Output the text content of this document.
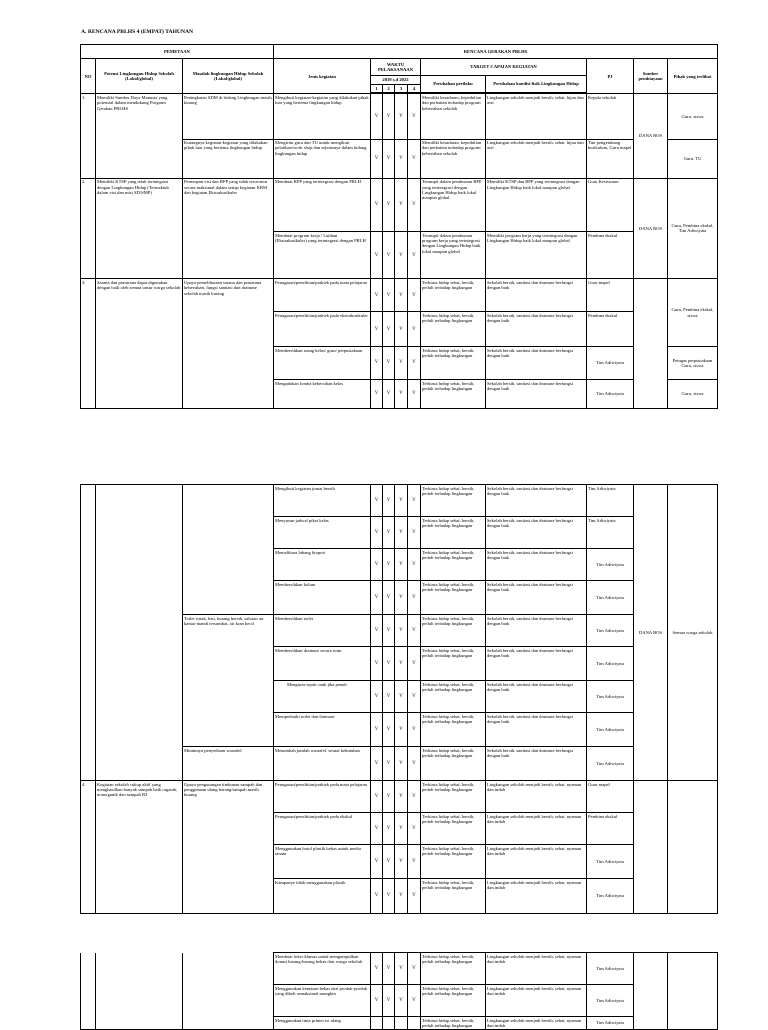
A. RENCANA PBLHS 4 (EMPAT) TAHUNAN
PEMETAAN			RENCANA GERAKAN PBLHS									
NO	Potensi Lingkungan Hidup Sekolah (Lokal/global)	Masalah lingkungan Hidup Sekolah (Lokal/global)	Jenis kegiatan	WAKTU PELAKSANAAN				TARGET CAPAIAN KEGIATAN		PJ	Sumber pembiayaan	Pihak yang terlibat
				2019 s.d 2022				Perubahan perilaku	Perubahan kondisi fisik Lingkungan Hidup			
				1	2	3	4					

1.	Memiliki Sumber Daya Manusia yang potensial dalam mendukung Program Gerakan PBLHS	Peningkatan SDM di bidang Lingkungan masih kurang	Mengikuti kegiatan-kegiatan yang dilakukan pihak luar yang bertema lingkungan hidup	V	V	V	V	Memiliki kesadaran, kepedulian dan perhatian terhadap program kebersihan sekolah	Lingkungan sekolah menjadi bersih, sehat, hijau dan asri	Kepala sekolah	DANA BOS	Guru, siswa
		Kurangnya kegiatan-kegiatan yang dilakukan pihak luar yang bertema lingkungan hidup	Mengirim guru dan TU untuk mengikuti pelatihan/work shop dan sejenisnya dalam bidang lingkungan hidup	V	V	V	V	Memiliki kesadaran, kepedulian dan perhatian terhadap program kebersihan sekolah	Lingkungan sekolah menjadi bersih, sehat, hijau dan asri	Tim pengembang kurikulum, Guru mapel		Guru, TU
2.	Memiliki KTSP yang telah terintegrasi dengan Lingkungan Hidup (Termaktub dalam visi dan misi SD/SMP)	Penerapan visi dan RPP yang tidak tercermin secara maksimal dalam setiap kegiatan KBM dan kegiatan Ekstrakurikuler	Membuat RPP yang terintegrasi dengan PRLH	V	V	V	V	Terampil dalam pembuatan RPP yang terintegrasi dengan Lingkungan Hidup baik lokal maupun global	Memiliki KTSP dan RPP yang terintegrasi dengan Lingkungan Hidup baik lokal maupun global	Guru Kesiswaan	DANA BOS	Guru, Pembina ekskul, Tim Adiwiyata
			Membuat program kerja / Latihan (Ekstrakurikuler) yang terintegrasi dengan PRLH	V	V	V	V	Terampil dalam pembuatan program kerja yang terintegrasi dengan Lingkungan Hidup baik lokal maupun global	Memiliki program kerja yang terintegrasi dengan Lingkungan Hidup baik lokal maupun global	Pembina ekskul		
3.	Sarana dan prasarana dapat digunakan dengan baik oleh semua unsur warga sekolah	Upaya pemeliharaan sarana dan prasarana kebersihan, fungsi sanitasi dan drainase sekolah masih kurang	Penugasan/penelitian/praktek pada mata pelajaran	V	V	V	V	Terbiasa hidup sehat, bersih, peduli terhadap lingkungan	Sekolah bersih, sanitasi dan drainase berfungsi dengan baik	Guru mapel		Guru, Pembina ekskul, siswa
			Penugasan/penelitian/praktek pada ekstrakurikuler	V	V	V	V	Terbiasa hidup sehat, bersih, peduli terhadap lingkungan	Sekolah bersih, sanitasi dan drainase berfungsi dengan baik	Pembina ekskul		
			Membersihkan ruang kelas/ guru/ perpustakaan	V	V	V	V	Terbiasa hidup sehat, bersih, peduli terhadap lingkungan	Sekolah bersih, sanitasi dan drainase berfungsi dengan baik	Tim Adiwiyata		Petugas perpustakaan Guru, siswa
			Mengadakan lomba kebersihan kelas	V	V	V	V	Terbiasa hidup sehat, bersih, peduli terhadap lingkungan	Sekolah bersih, sanitasi dan drainase berfungsi dengan baik	Tim Adiwiyata		Guru, siswa
			Mengikuti kegiatan jumat bersih	V	V	V	V	Terbiasa hidup sehat, bersih, peduli terhadap lingkungan	Sekolah bersih, sanitasi dan drainase berfungsi dengan baik	Tim Adiwiyata	DANA BOS	Semua warga sekolah
			Menyusun jadwal piket kelas	V	V	V	V	Terbiasa hidup sehat, bersih, peduli terhadap lingkungan	Sekolah bersih, sanitasi dan drainase berfungsi dengan baik	Tim Adiwiyata		
			Memelihara lubang biopori	V	V	V	V	Terbiasa hidup sehat, bersih, peduli terhadap lingkungan	Sekolah bersih, sanitasi dan drainase berfungsi dengan baik	Tim Adiwiyata		
			Membersihkan kolam	V	V	V	V	Terbiasa hidup sehat, bersih, peduli terhadap lingkungan	Sekolah bersih, sanitasi dan drainase berfungsi dengan baik	Tim Adiwiyata		
		Toilet rusak, bau, kurang bersih, saluran air kamar mandi tersumbat, air kran kecil	Membersihkan toilet	V	V	V	V	Terbiasa hidup sehat, bersih, peduli terhadap lingkungan	Sekolah bersih, sanitasi dan drainase berfungsi dengan baik	Tim Adiwiyata		
			Membersihkan drainase secara rutin	V	V	V	V	Terbiasa hidup sehat, bersih, peduli terhadap lingkungan	Sekolah bersih, sanitasi dan drainase berfungsi dengan baik	Tim Adiwiyata		

			Menguras septic tank jika penuh	V	V	V	V	Terbiasa hidup sehat, bersih, peduli terhadap lingkungan	Sekolah bersih, sanitasi dan drainase berfungsi dengan baik	Tim Adiwiyata		
			Memperbaiki toilet dan drainase	V	V	V	V	Terbiasa hidup sehat, bersih, peduli terhadap lingkungan	Sekolah bersih, sanitasi dan drainase berfungsi dengan baik	Tim Adiwiyata		
		Minimnya penyediaan wastafel	Menambah jumlah wastafel, sesuai kebutuhan	V	V	V	V	Terbiasa hidup sehat, bersih, peduli terhadap lingkungan	Sekolah bersih, sanitasi dan drainase berfungsi dengan baik	Tim Adiwiyata		
4.	Kegiatan sekolah cukup aktif yang menghasilkan banyak sampah baik organik, nonorganik dan sampah B3	Upaya pengurangan timbunan sampah dan penggunaan ulang barang/sampah masih kurang	Penugasan/penelitian/praktek pada mata pelajaran	V	V	V	V	Terbiasa hidup sehat, bersih, peduli terhadap lingkungan	Lingkungan sekolah menjadi bersih, sehat, nyaman dan indah	Guru mapel		
			Penugasan/penelitian/praktek pada ekskul	V	V	V	V	Terbiasa hidup sehat, bersih, peduli terhadap lingkungan	Lingkungan sekolah menjadi bersih, sehat, nyaman dan indah	Pembina ekskul		
			Menggunakan botol plastik bekas untuk media tanam	V	V	V	V	Terbiasa hidup sehat, bersih, peduli terhadap lingkungan	Lingkungan sekolah menjadi bersih, sehat, nyaman dan indah	Tim Adiwiyata		
			Kampanye tidak menggunakan plastik	V	V	V	V	Terbiasa hidup sehat, bersih, peduli terhadap lingkungan	Lingkungan sekolah menjadi bersih, sehat, nyaman dan indah	Tim Adiwiyata		
			Membuat loker khusus untuk mengumpulkan donasi barang-barang bekas dari warga sekolah	V	V	V	V	Terbiasa hidup sehat, bersih, peduli terhadap lingkungan	Lingkungan sekolah menjadi bersih, sehat, nyaman dan indah	Tim Adiwiyata		
			Menggunakan kemasan bekas dari produk-produk yang dibeli semaksimal mungkin	V	V	V	V	Terbiasa hidup sehat, bersih, peduli terhadap lingkungan	Lingkungan sekolah menjadi bersih, sehat, nyaman dan indah	Tim Adiwiyata		
			Menggunakan tinta printer isi ulang					Terbiasa hidup sehat, bersih, peduli terhadap lingkungan	Lingkungan sekolah menjadi bersih, sehat, nyaman dan indah	Tim Adiwiyata		
